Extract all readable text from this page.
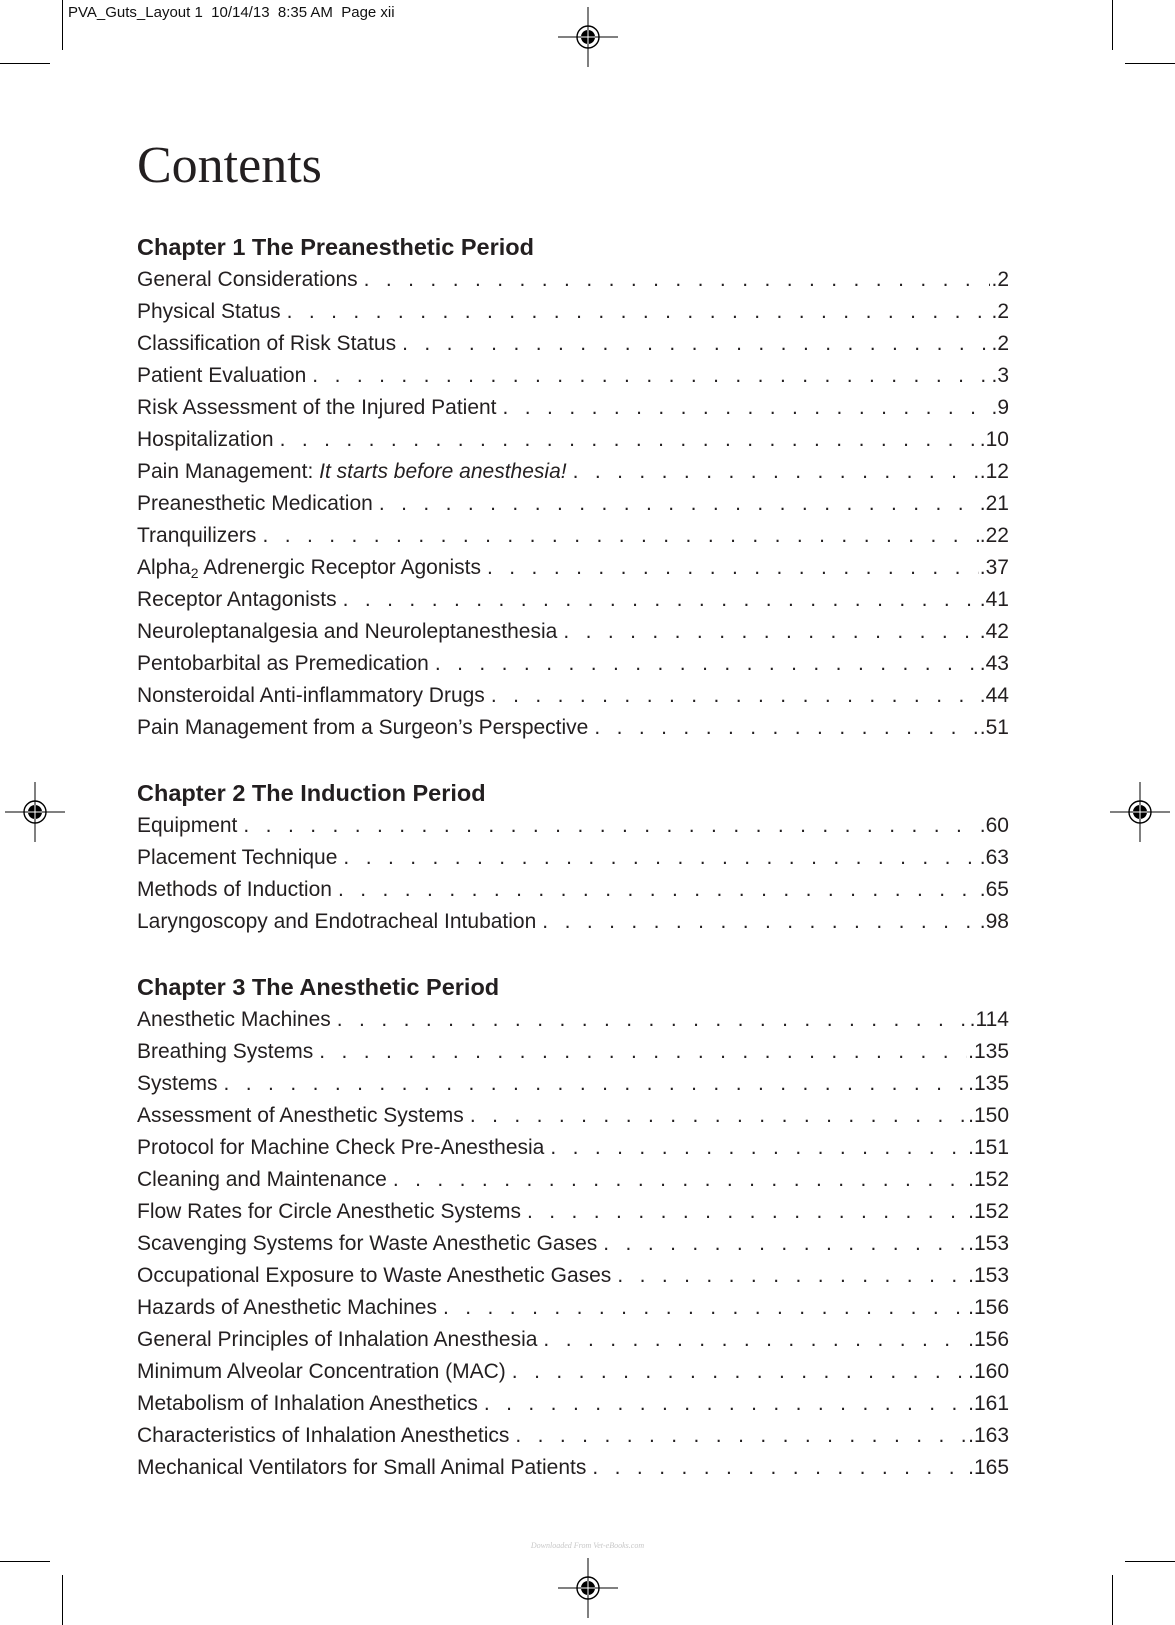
PVA_Guts_Layout 1  10/14/13  8:35 AM  Page xii
Contents
Chapter 1 The Preanesthetic Period
General Considerations . . .	.2
Physical Status . . .	.2
Classification of Risk Status . . .	.2
Patient Evaluation . . .	.3
Risk Assessment of the Injured Patient . . .	.9
Hospitalization . . .	.10
Pain Management: It starts before anesthesia! . . .	.12
Preanesthetic Medication . . .	.21
Tranquilizers . . .	.22
Alpha$_2$ Adrenergic Receptor Agonists . . .	.37
Receptor Antagonists . . .	.41
Neuroleptanalgesia and Neuroleptanesthesia . . .	.42
Pentobarbital as Premedication . . .	.43
Nonsteroidal Anti-inflammatory Drugs . . .	.44
Pain Management from a Surgeon’s Perspective . . .	.51
Chapter 2 The Induction Period
Equipment . . .	.60
Placement Technique . . .	.63
Methods of Induction . . .	.65
Laryngoscopy and Endotracheal Intubation . . .	.98
Chapter 3 The Anesthetic Period
Anesthetic Machines . . .	.114
Breathing Systems . . .	.135
Systems . . .	.135
Assessment of Anesthetic Systems . . .	.150
Protocol for Machine Check Pre-Anesthesia . . .	.151
Cleaning and Maintenance . . .	.152
Flow Rates for Circle Anesthetic Systems . . .	.152
Scavenging Systems for Waste Anesthetic Gases . . .	.153
Occupational Exposure to Waste Anesthetic Gases . . .	.153
Hazards of Anesthetic Machines . . .	.156
General Principles of Inhalation Anesthesia . . .	.156
Minimum Alveolar Concentration (MAC) . . .	.160
Metabolism of Inhalation Anesthetics . . .	.161
Characteristics of Inhalation Anesthetics . . .	.163
Mechanical Ventilators for Small Animal Patients . . .	.165
Downloaded From Vet-eBooks.com
